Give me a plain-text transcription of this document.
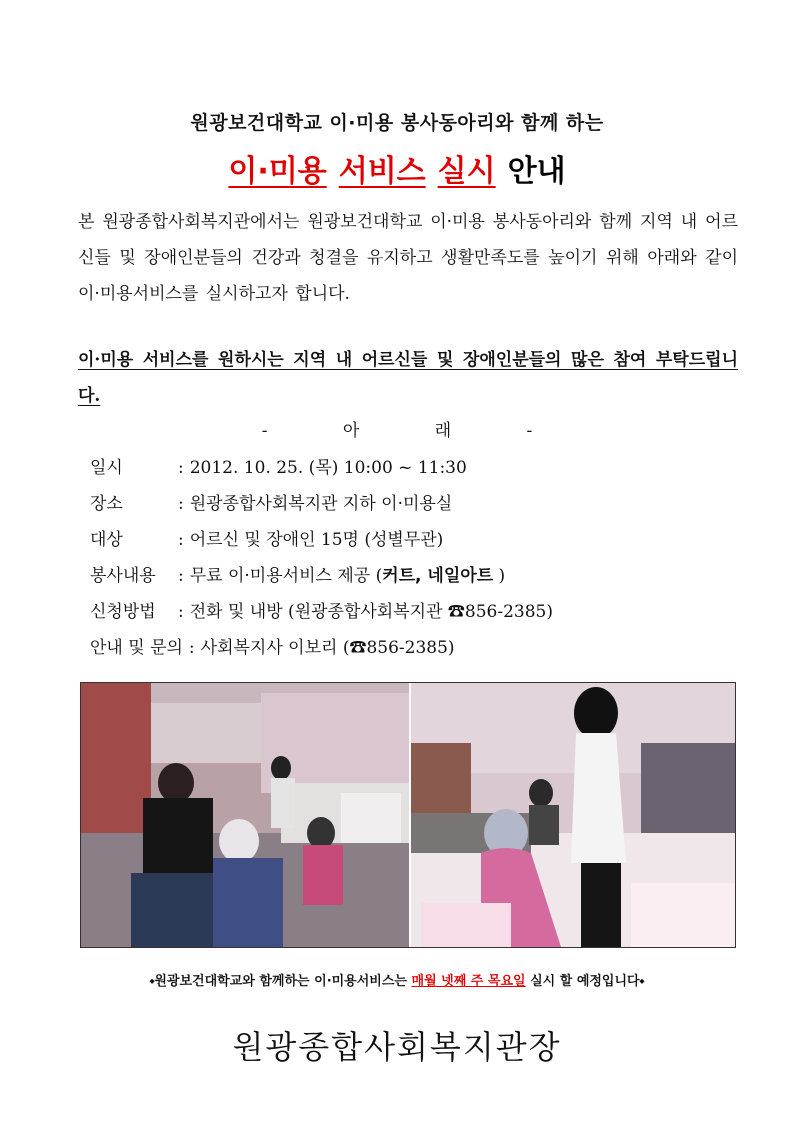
원광보건대학교 이·미용 봉사동아리와 함께 하는
이·미용 서비스 실시 안내
본 원광종합사회복지관에서는 원광보건대학교 이·미용 봉사동아리와 함께 지역 내 어르신들 및 장애인분들의 건강과 청결을 유지하고 생활만족도를 높이기 위해 아래와 같이 이·미용서비스를 실시하고자 합니다.
이·미용 서비스를 원하시는 지역 내 어르신들 및 장애인분들의 많은 참여 부탁드립니다.
- 아 래 -
일시	: 2012. 10. 25. (목) 10:00 ~ 11:30
장소	: 원광종합사회복지관 지하 이·미용실
대상	: 어르신 및 장애인 15명 (성별무관)
봉사내용	: 무료 이·미용서비스 제공 ( 커트, 네일아트 )
신청방법	: 전화 및 내방 (원광종합사회복지관 ☎856-2385)
안내 및 문의 : 사회복지사 이보리 (☎856-2385)
⬩원광보건대학교와 함께하는 이·미용서비스는 매월 넷째 주 목요일 실시 할 예정입니다⬩
원광종합사회복지관장
